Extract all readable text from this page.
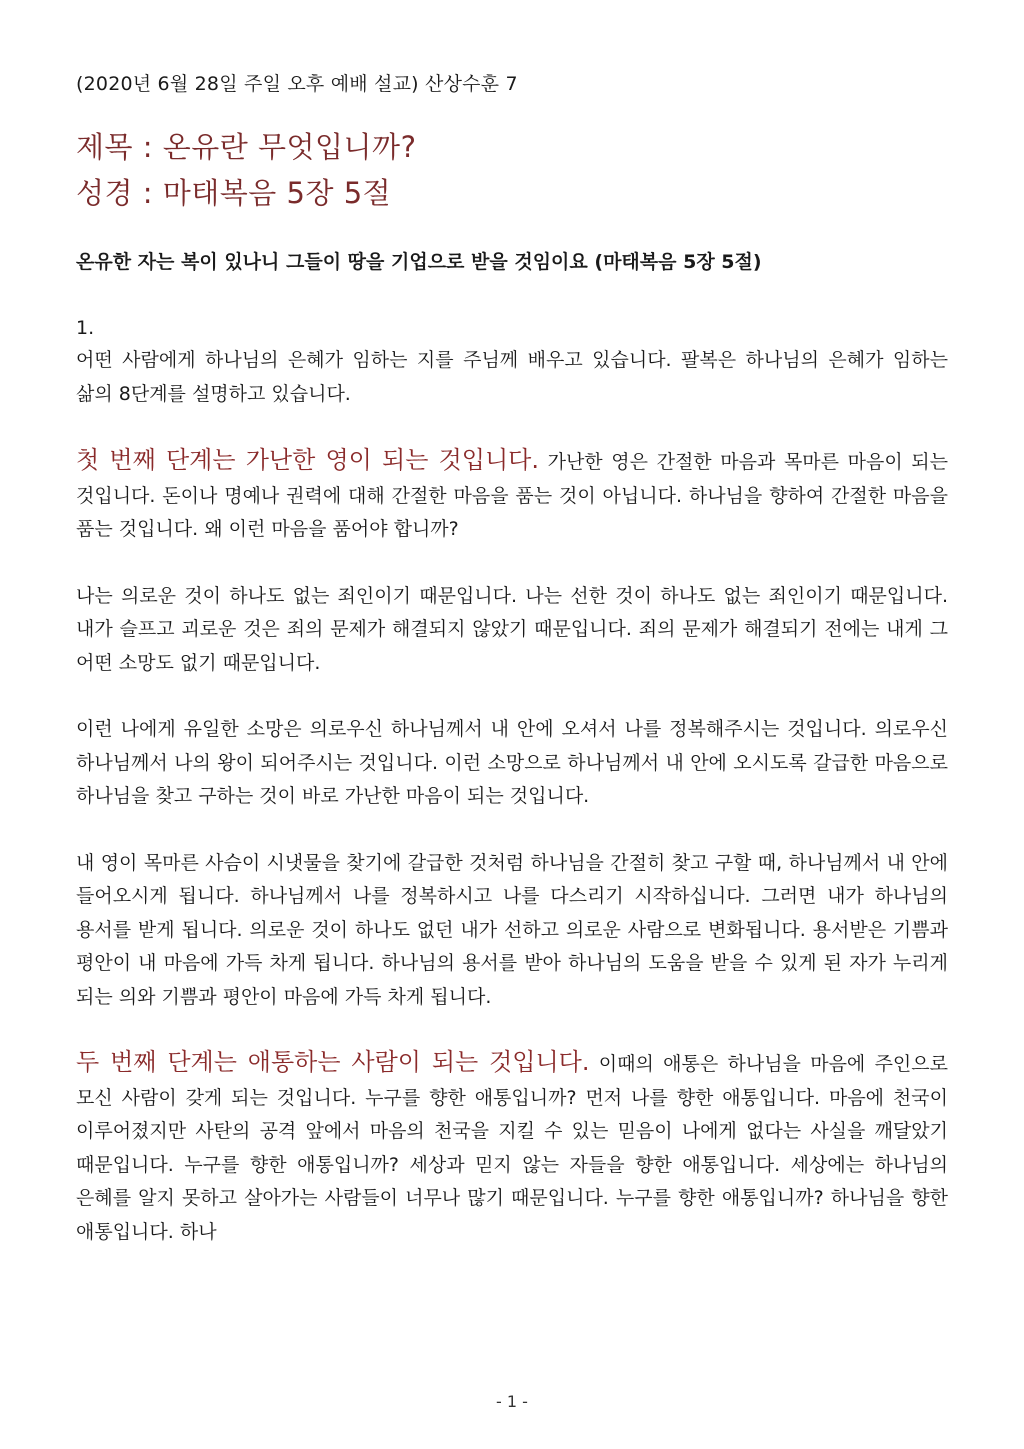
(2020년 6월 28일 주일 오후 예배 설교) 산상수훈 7

제목 : 온유란 무엇입니까?
성경 : 마태복음 5장 5절

온유한 자는 복이 있나니 그들이 땅을 기업으로 받을 것임이요 (마태복음 5장 5절)

1.

어떤 사람에게 하나님의 은혜가 임하는 지를 주님께 배우고 있습니다. 팔복은 하나님의 은혜가 임하는 삶의 8단계를 설명하고 있습니다.

첫 번째 단계는 가난한 영이 되는 것입니다. 가난한 영은 간절한 마음과 목마른 마음이 되는 것입니다. 돈이나 명예나 권력에 대해 간절한 마음을 품는 것이 아닙니다. 하나님을 향하여 간절한 마음을 품는 것입니다. 왜 이런 마음을 품어야 합니까?

나는 의로운 것이 하나도 없는 죄인이기 때문입니다. 나는 선한 것이 하나도 없는 죄인이기 때문입니다. 내가 슬프고 괴로운 것은 죄의 문제가 해결되지 않았기 때문입니다. 죄의 문제가 해결되기 전에는 내게 그 어떤 소망도 없기 때문입니다.

이런 나에게 유일한 소망은 의로우신 하나님께서 내 안에 오셔서 나를 정복해주시는 것입니다. 의로우신 하나님께서 나의 왕이 되어주시는 것입니다. 이런 소망으로 하나님께서 내 안에 오시도록 갈급한 마음으로 하나님을 찾고 구하는 것이 바로 가난한 마음이 되는 것입니다.

내 영이 목마른 사슴이 시냇물을 찾기에 갈급한 것처럼 하나님을 간절히 찾고 구할 때, 하나님께서 내 안에 들어오시게 됩니다. 하나님께서 나를 정복하시고 나를 다스리기 시작하십니다. 그러면 내가 하나님의 용서를 받게 됩니다. 의로운 것이 하나도 없던 내가 선하고 의로운 사람으로 변화됩니다. 용서받은 기쁨과 평안이 내 마음에 가득 차게 됩니다. 하나님의 용서를 받아 하나님의 도움을 받을 수 있게 된 자가 누리게 되는 의와 기쁨과 평안이 마음에 가득 차게 됩니다.

두 번째 단계는 애통하는 사람이 되는 것입니다. 이때의 애통은 하나님을 마음에 주인으로 모신 사람이 갖게 되는 것입니다. 누구를 향한 애통입니까? 먼저 나를 향한 애통입니다. 마음에 천국이 이루어졌지만 사탄의 공격 앞에서 마음의 천국을 지킬 수 있는 믿음이 나에게 없다는 사실을 깨달았기 때문입니다. 누구를 향한 애통입니까? 세상과 믿지 않는 자들을 향한 애통입니다. 세상에는 하나님의 은혜를 알지 못하고 살아가는 사람들이 너무나 많기 때문입니다. 누구를 향한 애통입니까? 하나님을 향한 애통입니다. 하나

- 1 -
